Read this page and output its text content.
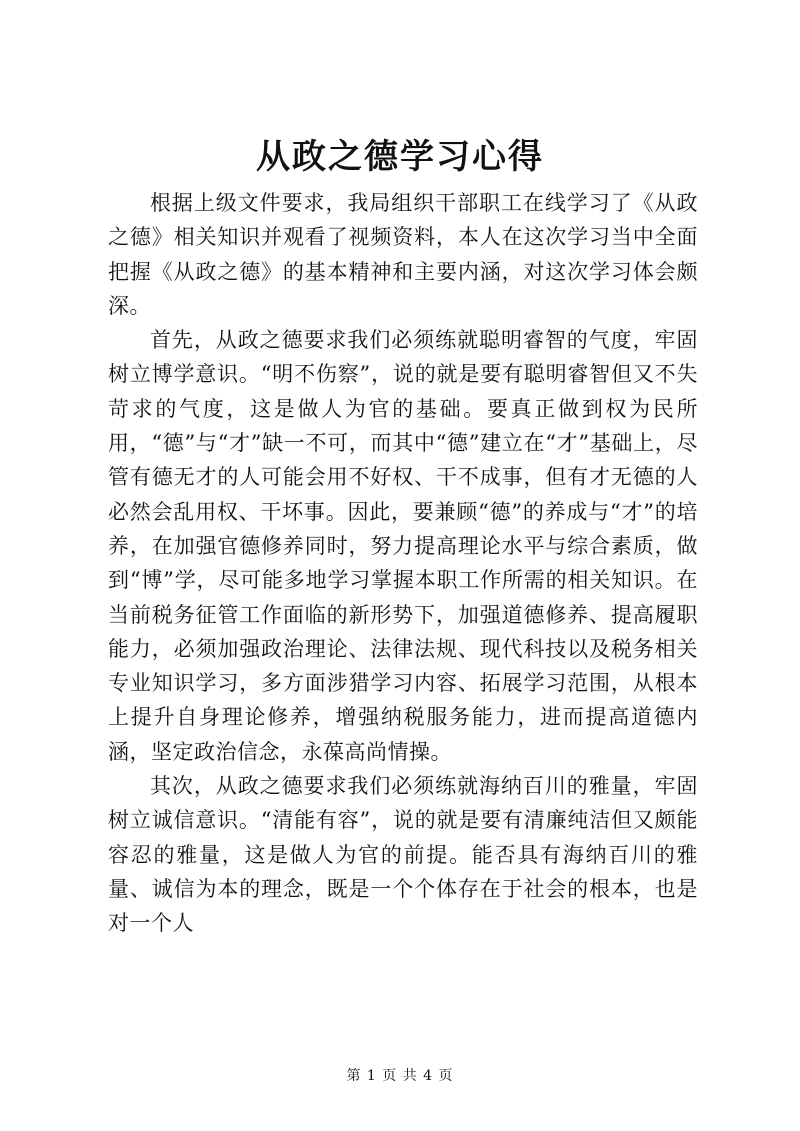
从政之德学习心得

根据上级文件要求，我局组织干部职工在线学习了《从政之德》相关知识并观看了视频资料，本人在这次学习当中全面把握《从政之德》的基本精神和主要内涵，对这次学习体会颇深。

首先，从政之德要求我们必须练就聪明睿智的气度，牢固树立博学意识。“明不伤察”，说的就是要有聪明睿智但又不失苛求的气度，这是做人为官的基础。要真正做到权为民所用，“德”与“才”缺一不可，而其中“德”建立在“才”基础上，尽管有德无才的人可能会用不好权、干不成事，但有才无德的人必然会乱用权、干坏事。因此，要兼顾“德”的养成与“才”的培养，在加强官德修养同时，努力提高理论水平与综合素质，做到“博”学，尽可能多地学习掌握本职工作所需的相关知识。在当前税务征管工作面临的新形势下，加强道德修养、提高履职能力，必须加强政治理论、法律法规、现代科技以及税务相关专业知识学习，多方面涉猎学习内容、拓展学习范围，从根本上提升自身理论修养，增强纳税服务能力，进而提高道德内涵，坚定政治信念，永葆高尚情操。

其次，从政之德要求我们必须练就海纳百川的雅量，牢固树立诚信意识。“清能有容”，说的就是要有清廉纯洁但又颇能容忍的雅量，这是做人为官的前提。能否具有海纳百川的雅量、诚信为本的理念，既是一个个体存在于社会的根本，也是对一个人

第 1 页 共 4 页
